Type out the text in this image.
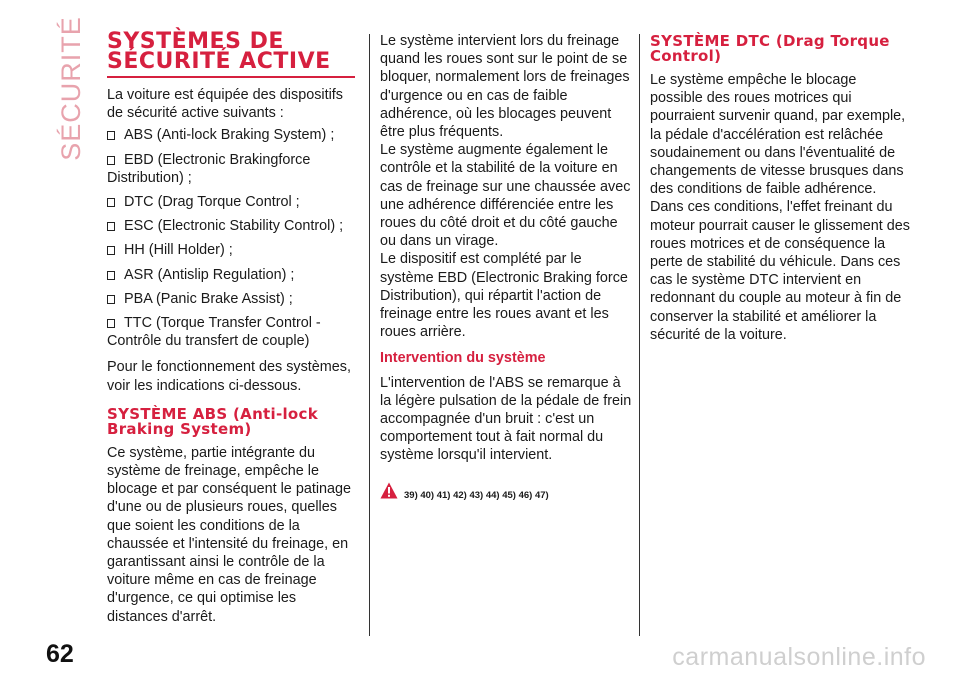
SÉCURITÉ SYSTÈMES DE SÉCURITÉ ACTIVE

La voiture est équipée des dispositifs de sécurité active suivants :

ABS (Anti-lock Braking System) ;
EBD (Electronic Brakingforce Distribution) ;
DTC (Drag Torque Control ;
ESC (Electronic Stability Control) ;
HH (Hill Holder) ;
ASR (Antislip Regulation) ;
PBA (Panic Brake Assist) ;
TTC (Torque Transfer Control - Contrôle du transfert de couple)

Pour le fonctionnement des systèmes, voir les indications ci-dessous.

SYSTÈME ABS (Anti-lock Braking System)

Ce système, partie intégrante du système de freinage, empêche le blocage et par conséquent le patinage d'une ou de plusieurs roues, quelles que soient les conditions de la chaussée et l'intensité du freinage, en garantissant ainsi le contrôle de la voiture même en cas de freinage d'urgence, ce qui optimise les distances d'arrêt.

Le système intervient lors du freinage quand les roues sont sur le point de se bloquer, normalement lors de freinages d'urgence ou en cas de faible adhérence, où les blocages peuvent être plus fréquents.

Le système augmente également le contrôle et la stabilité de la voiture en cas de freinage sur une chaussée avec une adhérence différenciée entre les roues du côté droit et du côté gauche ou dans un virage.

Le dispositif est complété par le système EBD (Electronic Braking force Distribution), qui répartit l'action de freinage entre les roues avant et les roues arrière.

Intervention du système

L'intervention de l'ABS se remarque à la légère pulsation de la pédale de frein accompagnée d'un bruit : c'est un comportement tout à fait normal du système lorsqu'il intervient.

39) 40) 41) 42) 43) 44) 45) 46) 47)
SYSTÈME DTC (Drag Torque Control)

Le système empêche le blocage possible des roues motrices qui pourraient survenir quand, par exemple, la pédale d'accélération est relâchée soudainement ou dans l'éventualité de changements de vitesse brusques dans des conditions de faible adhérence. Dans ces conditions, l'effet freinant du moteur pourrait causer le glissement des roues motrices et de conséquence la perte de stabilité du véhicule. Dans ces cas le système DTC intervient en redonnant du couple au moteur à fin de conserver la stabilité et améliorer la sécurité de la voiture.

62	carmanualsonline.info
